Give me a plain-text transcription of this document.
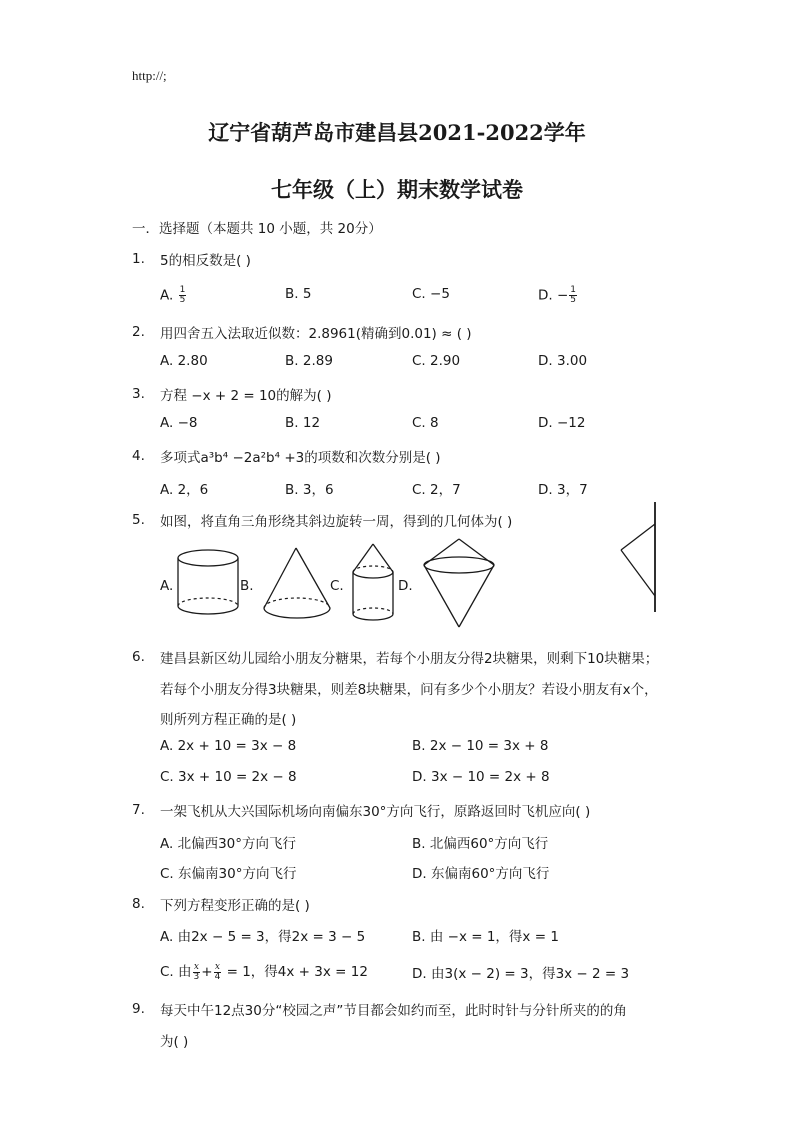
http://;
辽宁省葫芦岛市建昌县2021-2022学年
七年级（上）期末数学试卷
一．选择题（本题共 10 小题，共 20分）
1. 5的相反数是( )
A. $\frac{1}{5}$	B. 5	C. −5	D. − $\frac{1}{5}$
2. 用四舍五入法取近似数：2.8961(精确到0.01) ≈ ( )
A. 2.80	B. 2.89	C. 2.90	D. 3.00
3. 方程 −x + 2 = 10的解为( )
A. −8	B. 12	C. 8	D. −12
4. 多项式a³b⁴ −2a²b⁴ +3的项数和次数分别是( )
A. 2，6	B. 3，6	C. 2，7	D. 3，7
5. 如图，将直角三角形绕其斜边旋转一周，得到的几何体为( )
A.	B.	C.	D.
6. 建昌县新区幼儿园给小朋友分糖果，若每个小朋友分得2块糖果，则剩下10块糖果；
若每个小朋友分得3块糖果，则差8块糖果，问有多少个小朋友？若设小朋友有x个，
则所列方程正确的是( )
A. 2x + 10 = 3x − 8	B. 2x − 10 = 3x + 8
C. 3x + 10 = 2x − 8	D. 3x − 10 = 2x + 8
7. 一架飞机从大兴国际机场向南偏东30°方向飞行，原路返回时飞机应向( )
A. 北偏西30°方向飞行	B. 北偏西60°方向飞行
C. 东偏南30°方向飞行	D. 东偏南60°方向飞行
8. 下列方程变形正确的是( )
A. 由2x − 5 = 3，得2x = 3 − 5	B. 由 −x = 1，得x = 1
C. 由 $\frac{x}{3} + \frac{x}{4} = 1$，得4x + 3x = 12	D. 由3(x − 2) = 3，得3x − 2 = 3
9. 每天中午12点30分“校园之声”节目都会如约而至，此时时针与分针所夹的的角
为( )
